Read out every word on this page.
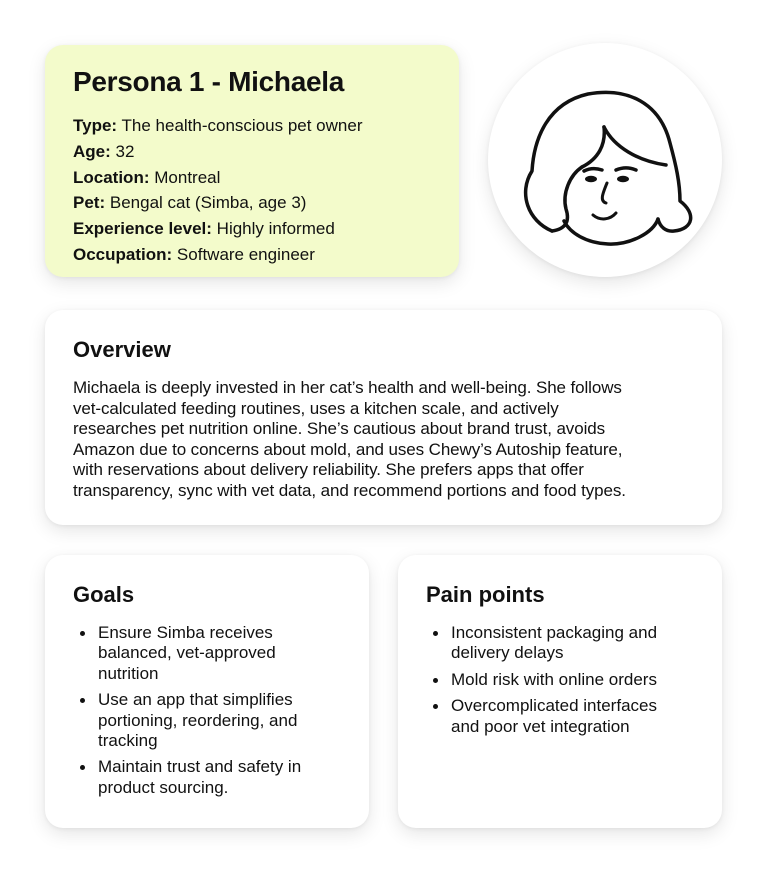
Persona 1 - Michaela

Type: The health-conscious pet owner

Age: 32

Location: Montreal

Pet: Bengal cat (Simba, age 3)

Experience level: Highly informed

Occupation: Software engineer

Overview

Michaela is deeply invested in her cat’s health and well-being. She follows
vet-calculated feeding routines, uses a kitchen scale, and actively
researches pet nutrition online. She’s cautious about brand trust, avoids
Amazon due to concerns about mold, and uses Chewy’s Autoship feature,
with reservations about delivery reliability. She prefers apps that offer
transparency, sync with vet data, and recommend portions and food types.

Goals
Ensure Simba receives
balanced, vet-approved
nutrition
Use an app that simplifies
portioning, reordering, and
tracking
Maintain trust and safety in
product sourcing.
Pain points
Inconsistent packaging and
delivery delays
Mold risk with online orders
Overcomplicated interfaces
and poor vet integration
